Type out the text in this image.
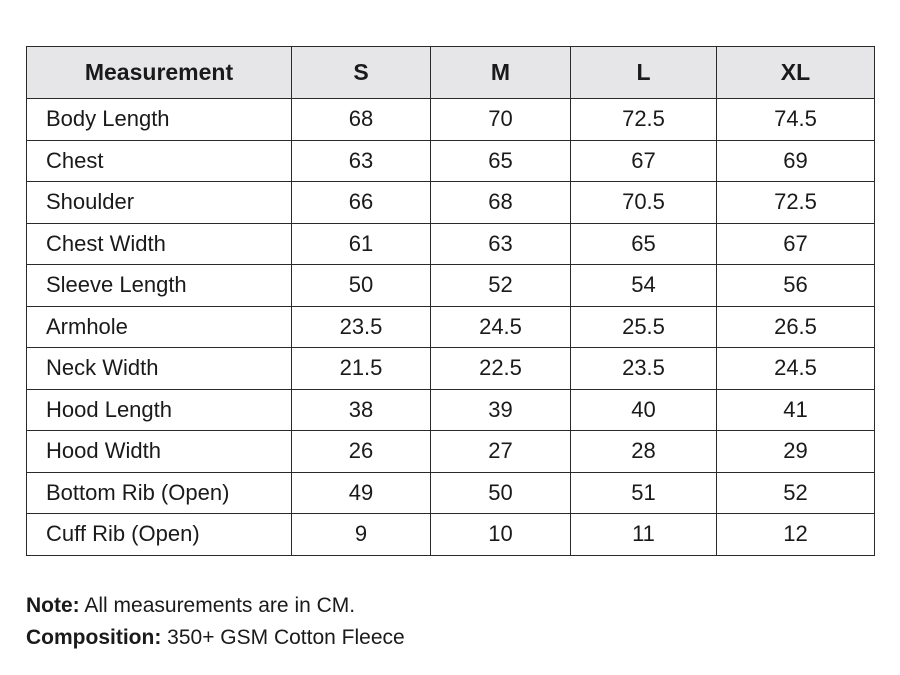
Measurement	S	M	L	XL
Body Length	68	70	72.5	74.5
Chest	63	65	67	69
Shoulder	66	68	70.5	72.5
Chest Width	61	63	65	67
Sleeve Length	50	52	54	56
Armhole	23.5	24.5	25.5	26.5
Neck Width	21.5	22.5	23.5	24.5
Hood Length	38	39	40	41
Hood Width	26	27	28	29
Bottom Rib (Open)	49	50	51	52
Cuff Rib (Open)	9	10	11	12
Note: All measurements are in CM.
Composition: 350+ GSM Cotton Fleece
